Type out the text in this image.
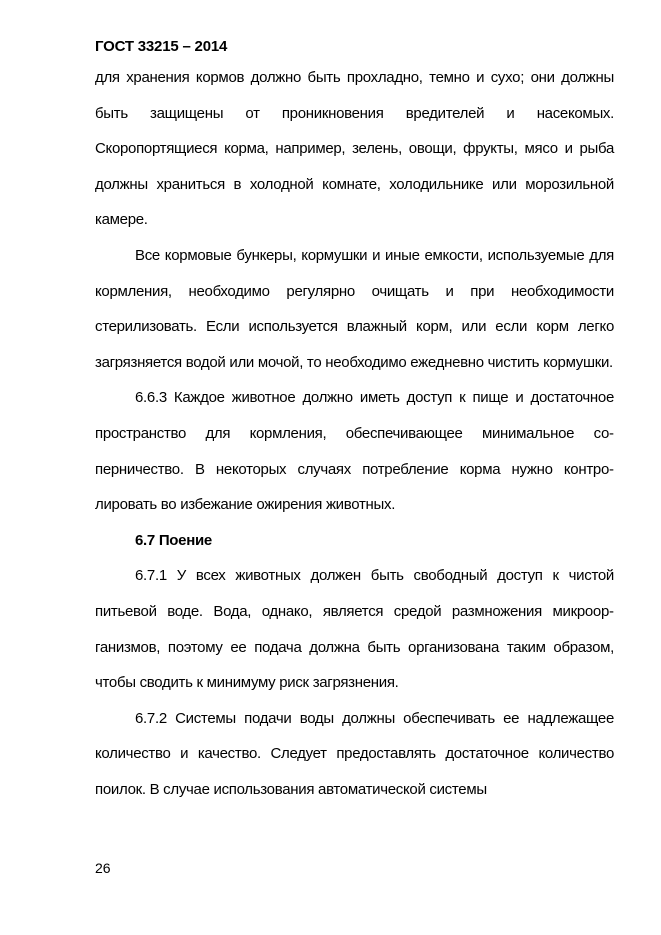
ГОСТ 33215 – 2014

для хранения кормов должно быть прохладно, темно и сухо; они должны быть защищены от проникновения вредителей и насекомых. Скоропортящиеся корма, например, зелень, овощи, фрукты, мясо и рыба должны храниться в холодной комнате, холодильнике или морозильной камере.

Все кормовые бункеры, кормушки и иные емкости, используемые для кормления, необходимо регулярно очищать и при необходимости стерилизовать. Если используется влажный корм, или если корм легко загрязняется водой или мочой, то необходимо ежедневно чистить кормушки.

6.6.3 Каждое животное должно иметь доступ к пище и достаточное пространство для кормления, обеспечивающее минимальное соперничество. В некоторых случаях потребление корма нужно контролировать во избежание ожирения животных.

6.7 Поение

6.7.1 У всех животных должен быть свободный доступ к чистой питьевой воде. Вода, однако, является средой размножения микроорганизмов, поэтому ее подача должна быть организована таким образом, чтобы сводить к минимуму риск загрязнения.

6.7.2 Системы подачи воды должны обеспечивать ее надлежащее количество и качество. Следует предоставлять достаточное количество поилок. В случае использования автоматической системы

26
